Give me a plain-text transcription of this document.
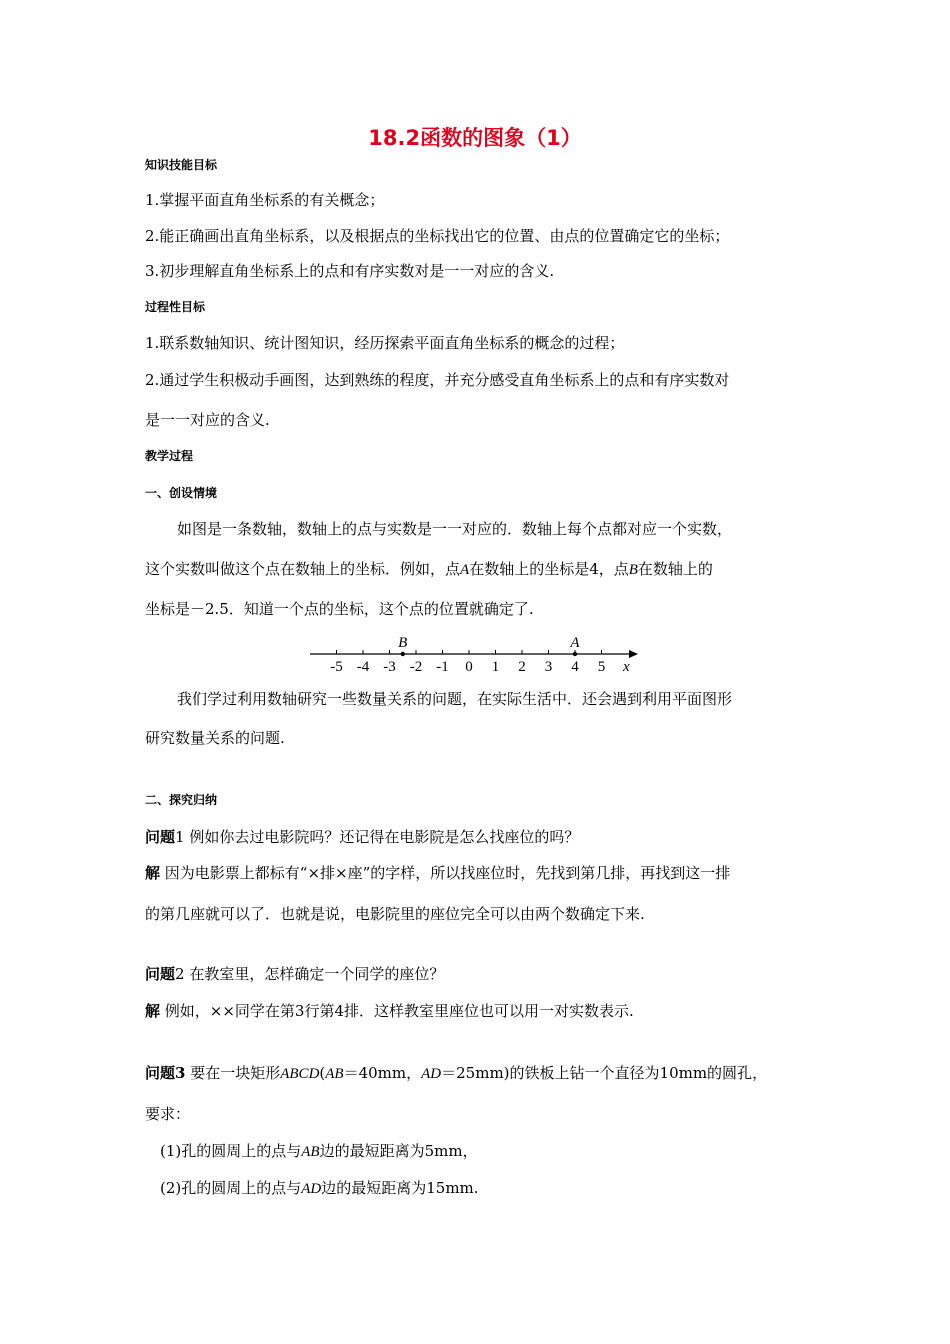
18.2函数的图象（1）
知识技能目标
1.掌握平面直角坐标系的有关概念；
2.能正确画出直角坐标系，以及根据点的坐标找出它的位置、由点的位置确定它的坐标；
3.初步理解直角坐标系上的点和有序实数对是一一对应的含义.
过程性目标
1.联系数轴知识、统计图知识，经历探索平面直角坐标系的概念的过程；
2.通过学生积极动手画图，达到熟练的程度，并充分感受直角坐标系上的点和有序实数对
是一一对应的含义.
教学过程
一、创设情境
如图是一条数轴，数轴上的点与实数是一一对应的．数轴上每个点都对应一个实数，
这个实数叫做这个点在数轴上的坐标．例如，点A在数轴上的坐标是4，点B在数轴上的
坐标是－2.5．知道一个点的坐标，这个点的位置就确定了.
-5 -4 -3 -2 -1 0 1 2 3 4 5
B	A
x
我们学过利用数轴研究一些数量关系的问题，在实际生活中．还会遇到利用平面图形
研究数量关系的问题.
二、探究归纳
问题1 例如你去过电影院吗？还记得在电影院是怎么找座位的吗？
解 因为电影票上都标有“×排×座”的字样，所以找座位时，先找到第几排，再找到这一排
的第几座就可以了．也就是说，电影院里的座位完全可以由两个数确定下来.
问题2 在教室里，怎样确定一个同学的座位？
解 例如，××同学在第3行第4排．这样教室里座位也可以用一对实数表示.
问题3 要在一块矩形ABCD(AB＝40mm，AD＝25mm)的铁板上钻一个直径为10mm的圆孔，
要求：
(1)孔的圆周上的点与AB边的最短距离为5mm，
(2)孔的圆周上的点与AD边的最短距离为15mm.
